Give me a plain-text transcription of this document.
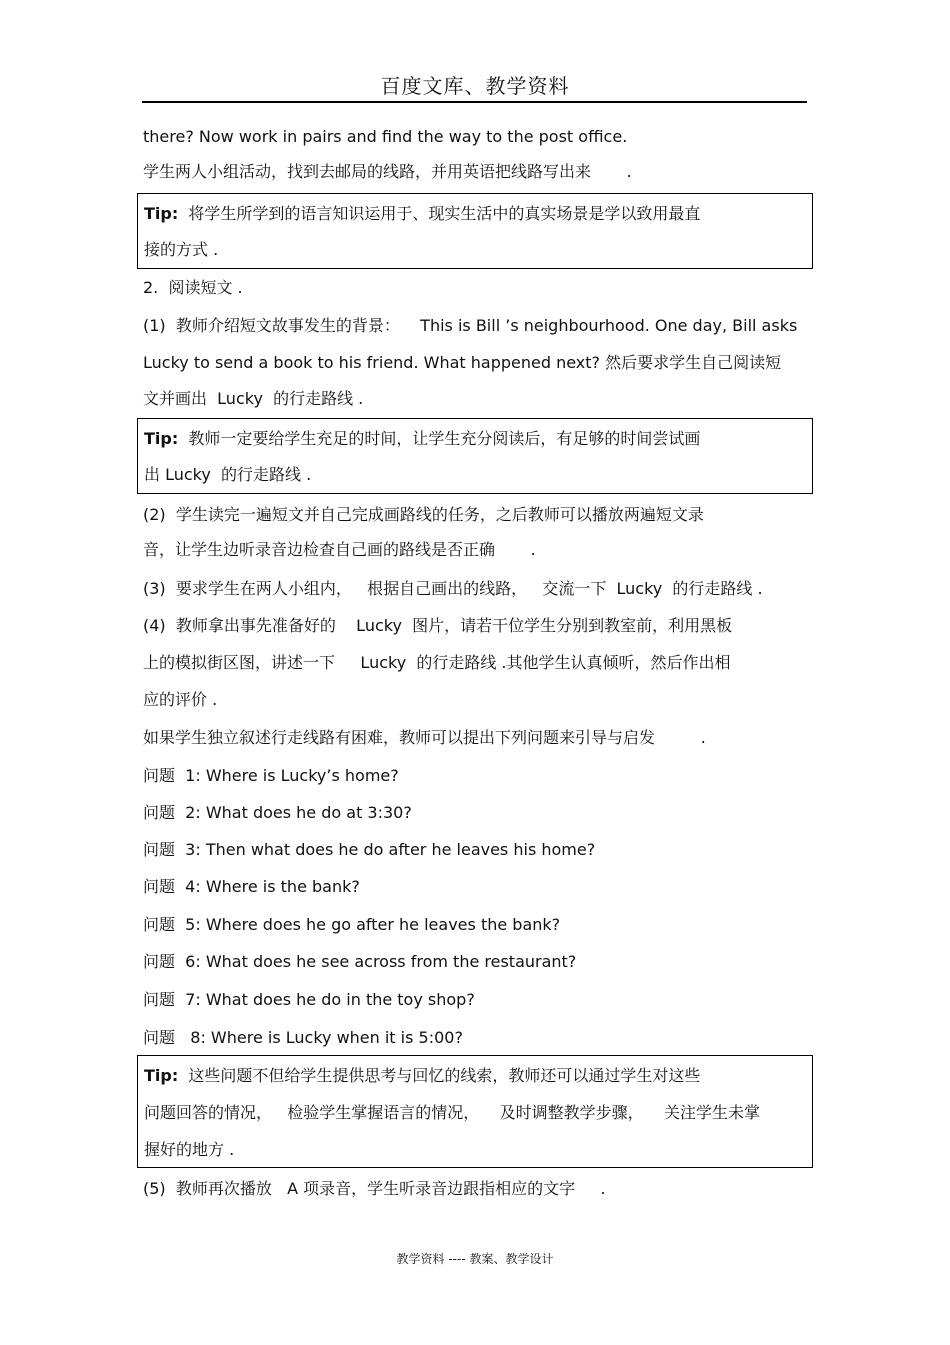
百度文库、教学资料
there? Now work in pairs and find the way to the post office.
学生两人小组活动，找到去邮局的线路，并用英语把线路写出来       .
Tip:  将学生所学到的语言知识运用于、现实生活中的真实场景是学以致用最直
接的方式 .
2.  阅读短文 .
(1)  教师介绍短文故事发生的背景：    This is Bill ’s neighbourhood. One day, Bill asks
Lucky to send a book to his friend. What happened next? 然后要求学生自己阅读短
文并画出  Lucky  的行走路线 .
Tip:  教师一定要给学生充足的时间，让学生充分阅读后，有足够的时间尝试画
出 Lucky  的行走路线 .
(2)  学生读完一遍短文并自己完成画路线的任务，之后教师可以播放两遍短文录
音，让学生边听录音边检查自己画的路线是否正确       .
(3)  要求学生在两人小组内，   根据自己画出的线路，   交流一下  Lucky  的行走路线 .
(4)  教师拿出事先准备好的    Lucky  图片，请若干位学生分别到教室前，利用黑板
上的模拟街区图，讲述一下     Lucky  的行走路线 .其他学生认真倾听，然后作出相
应的评价 .
如果学生独立叙述行走线路有困难，教师可以提出下列问题来引导与启发         .
问题  1: Where is Lucky’s home?
问题  2: What does he do at 3:30?
问题  3: Then what does he do after he leaves his home?
问题  4: Where is the bank?
问题  5: Where does he go after he leaves the bank?
问题  6: What does he see across from the restaurant?
问题  7: What does he do in the toy shop?
问题   8: Where is Lucky when it is 5:00?
Tip:  这些问题不但给学生提供思考与回忆的线索，教师还可以通过学生对这些
问题回答的情况，   检验学生掌握语言的情况，    及时调整教学步骤，    关注学生未掌
握好的地方 .
(5)  教师再次播放   A 项录音，学生听录音边跟指相应的文字     .
教学资料 ---- 教案、教学设计
